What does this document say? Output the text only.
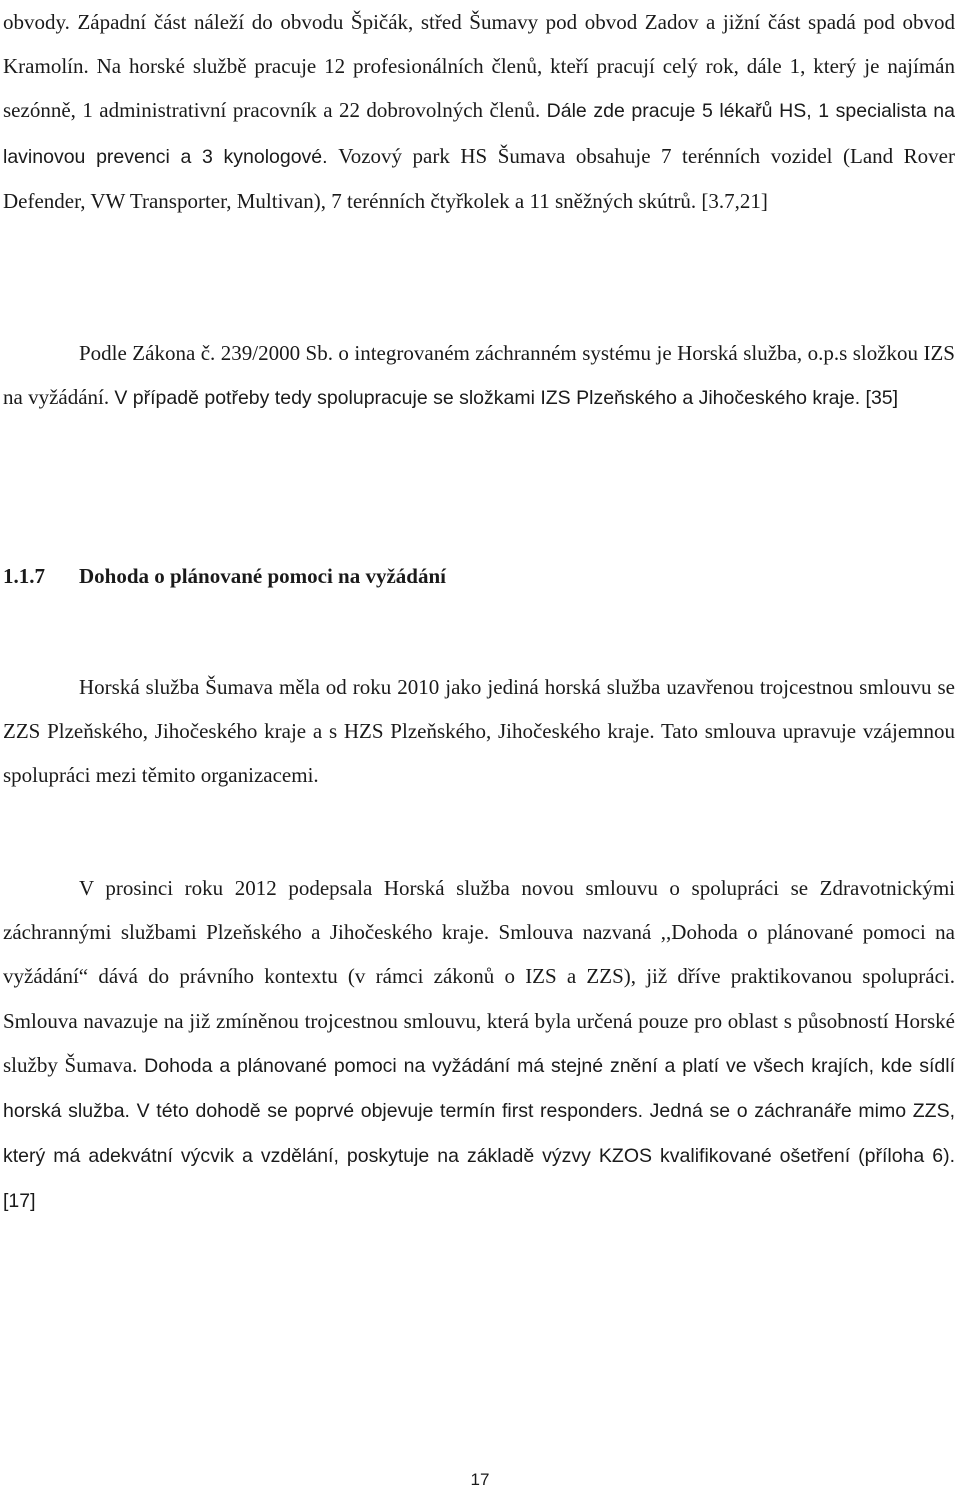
obvody. Západní část náleží do obvodu Špičák, střed Šumavy pod obvod Zadov a jižní část spadá pod obvod Kramolín. Na horské službě pracuje 12 profesionálních členů, kteří pracují celý rok, dále 1, který je najímán sezónně, 1 administrativní pracovník a 22 dobrovolných členů. Dále zde pracuje 5 lékařů HS, 1 specialista na lavinovou prevenci a 3 kynologové. Vozový park HS Šumava obsahuje 7 terénních vozidel (Land Rover Defender, VW Transporter, Multivan), 7 terénních čtyřkolek a 11 sněžných skútrů. [3.7,21]

Podle Zákona č. 239/2000 Sb. o integrovaném záchranném systému je Horská služba, o.p.s složkou IZS na vyžádání. V případě potřeby tedy spolupracuje se složkami IZS Plzeňského a Jihočeského kraje. [35]

1.1.7 Dohoda o plánované pomoci na vyžádání

Horská služba Šumava měla od roku 2010 jako jediná horská služba uzavřenou trojcestnou smlouvu se ZZS Plzeňského, Jihočeského kraje a s HZS Plzeňského, Jihočeského kraje. Tato smlouva upravuje vzájemnou spolupráci mezi těmito organizacemi.

V prosinci roku 2012 podepsala Horská služba novou smlouvu o spolupráci se Zdravotnickými záchrannými službami Plzeňského a Jihočeského kraje. Smlouva nazvaná ,,Dohoda o plánované pomoci na vyžádání“ dává do právního kontextu (v rámci zákonů o IZS a ZZS), již dříve praktikovanou spolupráci. Smlouva navazuje na již zmíněnou trojcestnou smlouvu, která byla určená pouze pro oblast s působností Horské služby Šumava. Dohoda a plánované pomoci na vyžádání má stejné znění a platí ve všech krajích, kde sídlí horská služba. V této dohodě se poprvé objevuje termín first responders. Jedná se o záchranáře mimo ZZS, který má adekvátní výcvik a vzdělání, poskytuje na základě výzvy KZOS kvalifikované ošetření (příloha 6). [17]

17
